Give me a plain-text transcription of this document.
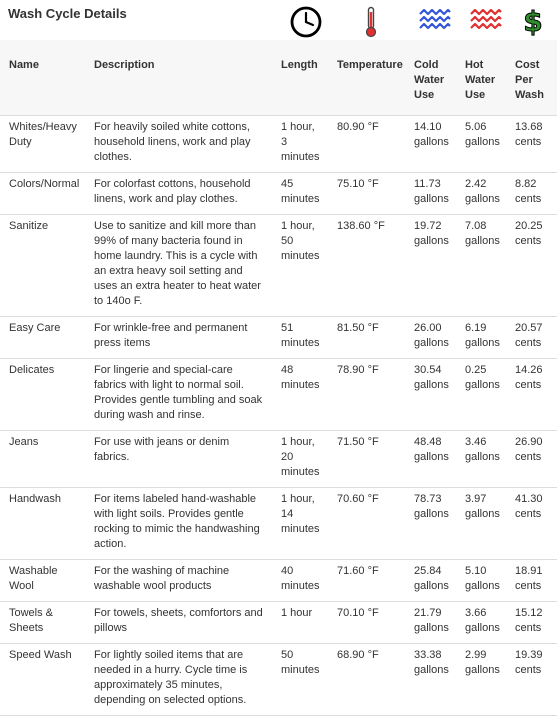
Wash Cycle Details	$
Name	Description	Length	Temperature	Cold Water Use	Hot Water Use	Cost Per Wash
Whites/Heavy Duty	For heavily soiled white cottons, household linens, work and play clothes.	1 hour, 3 minutes	80.90 °F	14.10 gallons	5.06 gallons	13.68 cents
Colors/Normal	For colorfast cottons, household linens, work and play clothes.	45 minutes	75.10 °F	11.73 gallons	2.42 gallons	8.82 cents
Sanitize	Use to sanitize and kill more than 99% of many bacteria found in home laundry. This is a cycle with an extra heavy soil setting and uses an extra heater to heat water to 140o F.	1 hour, 50 minutes	138.60 °F	19.72 gallons	7.08 gallons	20.25 cents
Easy Care	For wrinkle-free and permanent press items	51 minutes	81.50 °F	26.00 gallons	6.19 gallons	20.57 cents
Delicates	For lingerie and special-care fabrics with light to normal soil. Provides gentle tumbling and soak during wash and rinse.	48 minutes	78.90 °F	30.54 gallons	0.25 gallons	14.26 cents
Jeans	For use with jeans or denim fabrics.	1 hour, 20 minutes	71.50 °F	48.48 gallons	3.46 gallons	26.90 cents
Handwash	For items labeled hand-washable with light soils. Provides gentle rocking to mimic the handwashing action.	1 hour, 14 minutes	70.60 °F	78.73 gallons	3.97 gallons	41.30 cents
Washable Wool	For the washing of machine washable wool products	40 minutes	71.60 °F	25.84 gallons	5.10 gallons	18.91 cents
Towels & Sheets	For towels, sheets, comfortors and pillows	1 hour	70.10 °F	21.79 gallons	3.66 gallons	15.12 cents
Speed Wash	For lightly soiled items that are needed in a hurry. Cycle time is approximately 35 minutes, depending on selected options.	50 minutes	68.90 °F	33.38 gallons	2.99 gallons	19.39 cents
